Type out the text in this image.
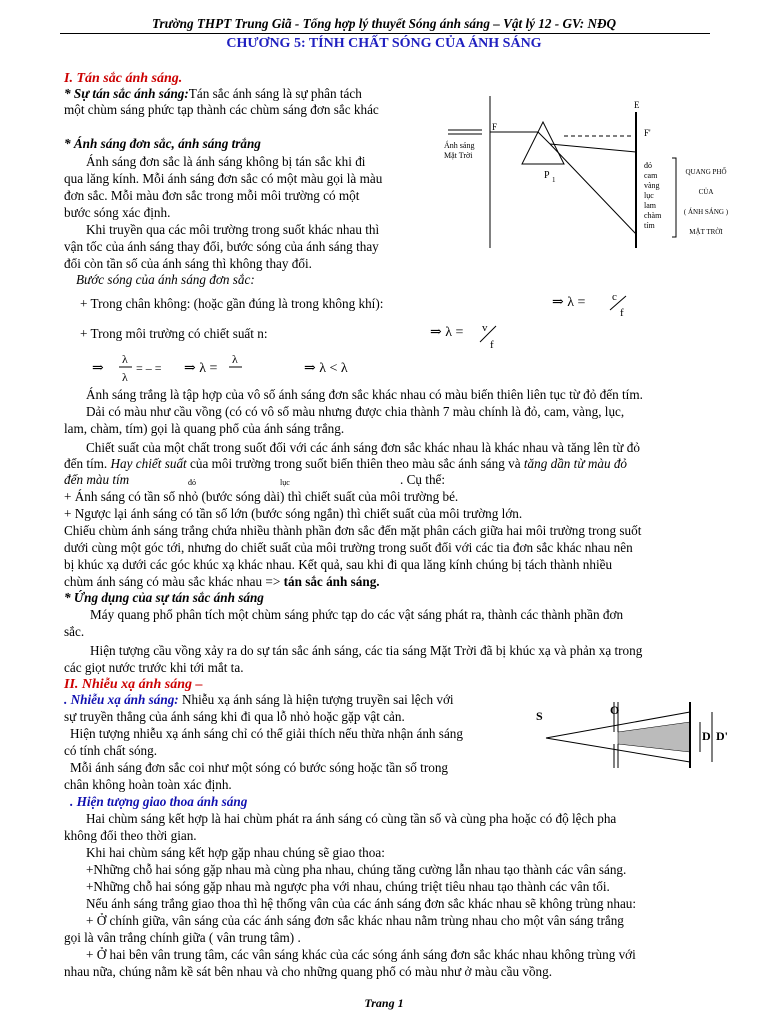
Trường THPT Trung Giã - Tổng hợp lý thuyết Sóng ánh sáng – Vật lý 12 - GV: NĐQ
CHƯƠNG 5: TÍNH CHẤT SÓNG CỦA ÁNH SÁNG
I. Tán sắc ánh sáng.
* Sự tán sắc ánh sáng:Tán sắc ánh sáng là sự phân tách
một chùm sáng phức tạp thành các chùm sáng đơn sắc khác
* Ánh sáng đơn sắc, ánh sáng trắng
Ánh sáng đơn sắc là ánh sáng không bị tán sắc khi đi
qua lăng kính. Mỗi ánh sáng đơn sắc có một màu gọi là màu
đơn sắc. Mỗi màu đơn sắc trong mỗi môi trường có một
bước sóng xác định.
Khi truyền qua các môi trường trong suốt khác nhau thì
vận tốc của ánh sáng thay đổi, bước sóng của ánh sáng thay
đổi còn tần số của ánh sáng thì không thay đổi.
Bước sóng của ánh sáng đơn sắc:
+ Trong chân không: (hoặc gần đúng là trong không khí):
+ Trong môi trường có chiết suất n:
⇒ λ = c
f
⇒ λ = v
f
⇒
λ
λ
= – = ⇒ λ =
λ
⇒ λ < λ
Ánh sáng trắng là tập hợp của vô số ánh sáng đơn sắc khác nhau có màu biến thiên liên tục từ đỏ đến tím.
Dải có màu như cầu vồng (có có vô số màu nhưng được chia thành 7 màu chính là đỏ, cam, vàng, lục,
lam, chàm, tím) gọi là quang phổ của ánh sáng trắng.
Chiết suất của một chất trong suốt đối với các ánh sáng đơn sắc khác nhau là khác nhau và tăng lên từ đỏ
đến tím. Hay chiết suất của môi trường trong suốt biến thiên theo màu sắc ánh sáng và tăng dần từ màu đỏ
đến màu tím	đỏ	lục	. Cụ thể:
+ Ánh sáng có tần số nhỏ (bước sóng dài) thì chiết suất của môi trường bé.
+ Ngược lại ánh sáng có tần số lớn (bước sóng ngắn) thì chiết suất của môi trường lớn.
Chiếu chùm ánh sáng trắng chứa nhiều thành phần đơn sắc đến mặt phân cách giữa hai môi trường trong suốt
dưới cùng một góc tới, nhưng do chiết suất của môi trường trong suốt đối với các tia đơn sắc khác nhau nên
bị khúc xạ dưới các góc khúc xạ khác nhau. Kết quả, sau khi đi qua lăng kính chúng bị tách thành nhiều
chùm ánh sáng có màu sắc khác nhau => tán sắc ánh sáng.
* Ứng dụng của sự tán sắc ánh sáng
Máy quang phổ phân tích một chùm sáng phức tạp do các vật sáng phát ra, thành các thành phần đơn
sắc.
Hiện tượng cầu vồng xảy ra do sự tán sắc ánh sáng, các tia sáng Mặt Trời đã bị khúc xạ và phản xạ trong
các giọt nước trước khi tới mắt ta.
II. Nhiễu xạ ánh sáng –
. Nhiễu xạ ánh sáng: Nhiễu xạ ánh sáng là hiện tượng truyền sai lệch với
sự truyền thẳng của ánh sáng khi đi qua lỗ nhỏ hoặc gặp vật cản.
Hiện tượng nhiễu xạ ánh sáng chỉ có thể giải thích nếu thừa nhận ánh sáng
có tính chất sóng.
Mỗi ánh sáng đơn sắc coi như một sóng có bước sóng hoặc tần số trong
chân không hoàn toàn xác định.
. Hiện tượng giao thoa ánh sáng
Hai chùm sáng kết hợp là hai chùm phát ra ánh sáng có cùng tần số và cùng pha hoặc có độ lệch pha
không đổi theo thời gian.
Khi hai chùm sáng kết hợp gặp nhau chúng sẽ giao thoa:
+Những chỗ hai sóng gặp nhau mà cùng pha nhau, chúng tăng cường lẫn nhau tạo thành các vân sáng.
+Những chỗ hai sóng gặp nhau mà ngược pha với nhau, chúng triệt tiêu nhau tạo thành các vân tối.
Nếu ánh sáng trắng giao thoa thì hệ thống vân của các ánh sáng đơn sắc khác nhau sẽ không trùng nhau:
+ Ở chính giữa, vân sáng của các ánh sáng đơn sắc khác nhau nằm trùng nhau cho một vân sáng trắng
gọi là vân trắng chính giữa ( vân trung tâm) .
+ Ở hai bên vân trung tâm, các vân sáng khác của các sóng ánh sáng đơn sắc khác nhau không trùng với
nhau nữa, chúng nằm kề sát bên nhau và cho những quang phổ có màu như ở màu cầu vồng.
E
F
F'
P 1
Ánh sáng
Mặt Trời
đỏ
cam
vàng
lục
lam
chàm
tím
QUANG PHỔ
CỦA
( ÁNH SÁNG )
MẶT TRỜI
S	O
D D'
Trang 1
